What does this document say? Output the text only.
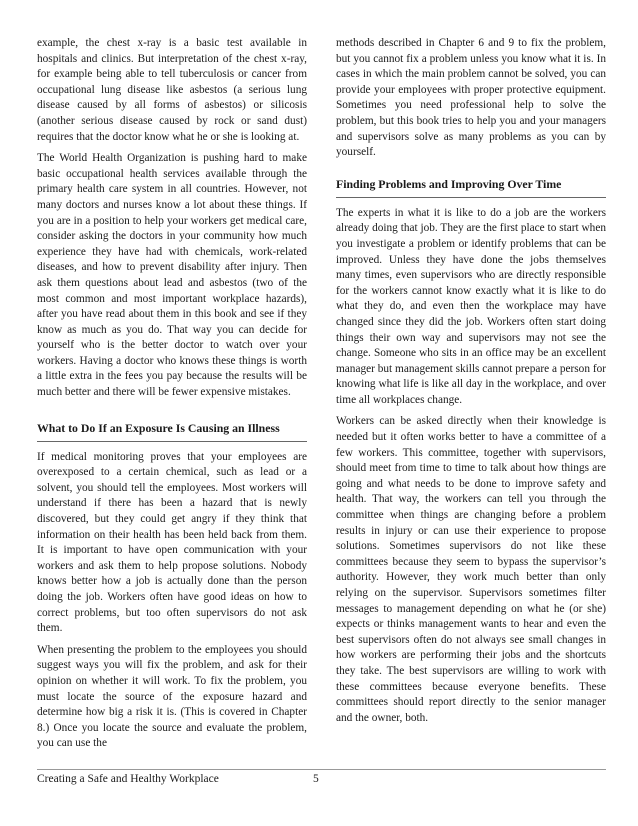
example, the chest x-ray is a basic test available in hospitals and clinics. But interpretation of the chest x-ray, for example being able to tell tuberculosis or cancer from occupational lung disease like asbestos (a serious lung disease caused by all forms of asbestos) or silicosis (another serious disease caused by rock or sand dust) requires that the doctor know what he or she is looking at.

The World Health Organization is pushing hard to make basic occupational health services available through the primary health care system in all countries. However, not many doctors and nurses know a lot about these things. If you are in a position to help your workers get medical care, consider asking the doctors in your community how much experience they have had with chemicals, work-related diseases, and how to prevent disability after injury. Then ask them questions about lead and asbestos (two of the most common and most important workplace hazards), after you have read about them in this book and see if they know as much as you do. That way you can decide for yourself who is the better doctor to watch over your workers. Having a doctor who knows these things is worth a little extra in the fees you pay because the results will be much better and there will be fewer expensive mistakes.

What to Do If an Exposure Is Causing an Illness

If medical monitoring proves that your employees are overexposed to a certain chemical, such as lead or a solvent, you should tell the employees. Most workers will understand if there has been a hazard that is newly discovered, but they could get angry if they think that information on their health has been held back from them. It is important to have open communication with your workers and ask them to help propose solutions. Nobody knows better how a job is actually done than the person doing the job. Workers often have good ideas on how to correct problems, but too often supervisors do not ask them.

When presenting the problem to the employees you should suggest ways you will fix the problem, and ask for their opinion on whether it will work. To fix the problem, you must locate the source of the exposure hazard and determine how big a risk it is. (This is covered in Chapter 8.) Once you locate the source and evaluate the problem, you can use the

methods described in Chapter 6 and 9 to fix the problem, but you cannot fix a problem unless you know what it is. In cases in which the main problem cannot be solved, you can provide your employees with proper protective equipment. Sometimes you need professional help to solve the problem, but this book tries to help you and your managers and supervisors solve as many problems as you can by yourself.

Finding Problems and Improving Over Time

The experts in what it is like to do a job are the workers already doing that job. They are the first place to start when you investigate a problem or identify problems that can be improved. Unless they have done the jobs themselves many times, even supervisors who are directly responsible for the workers cannot know exactly what it is like to do what they do, and even then the workplace may have changed since they did the job. Workers often start doing things their own way and supervisors may not see the change. Someone who sits in an office may be an excellent manager but management skills cannot prepare a person for knowing what life is like all day in the workplace, and over time all workplaces change.

Workers can be asked directly when their knowledge is needed but it often works better to have a committee of a few workers. This committee, together with supervisors, should meet from time to time to talk about how things are going and what needs to be done to improve safety and health. That way, the workers can tell you through the committee when things are changing before a problem results in injury or can use their experience to propose solutions. Sometimes supervisors do not like these committees because they seem to bypass the supervisor’s authority. However, they work much better than only relying on the supervisor. Supervisors sometimes filter messages to management depending on what he (or she) expects or thinks management wants to hear and even the best supervisors often do not always see small changes in how workers are performing their jobs and the shortcuts they take. The best supervisors are willing to work with these committees because everyone benefits. These committees should report directly to the senior manager and the owner, both.

Creating a Safe and Healthy Workplace	5
